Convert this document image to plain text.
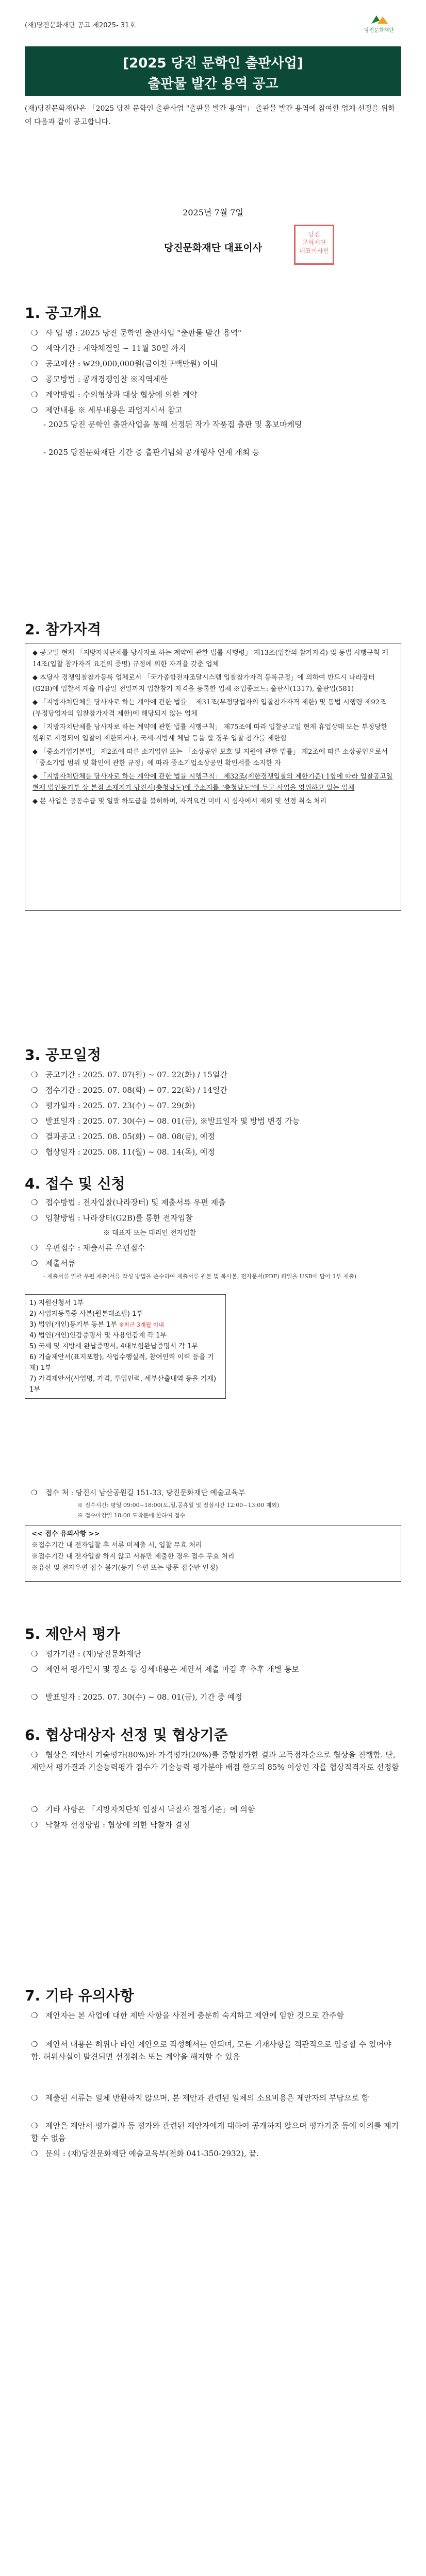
(재)당진문화재단 공고 제2025- 31호
당진문화재단
[2025 당진 문학인 출판사업]
출판물 발간 용역 공고

(재)당진문화재단은 「2025 당진 문학인 출판사업 "출판물 발간 용역"」 출판물 발간 용역에 참여할 업체 선정을 위하여 다음과 같이 공고합니다.

2025년 7월 7일
당진문화재단 대표이사
당진
문화재단
대표이사인
1. 공고개요
❍ 사 업 명 : 2025 당진 문학인 출판사업 "출판물 발간 용역"
❍ 계약기간 : 계약체결일 ~ 11월 30일 까지
❍ 공고예산 : ₩29,000,000원(금이천구백만원) 이내
❍ 공모방법 : 공개경쟁입찰 ※지역제한
❍ 계약방법 : 수의형상과 대상 협상에 의한 계약
❍ 제안내용 ※ 세부내용은 과업지시서 참고
- 2025 당진 문학인 출판사업을 통해 선정된 작가 작품집 출판 및 홍보마케팅
- 2025 당진문화재단 기간 중 출판기념회 공개행사 연계 개최 등
2. 참가자격

◆ 공고일 현재 「지방자치단체를 당사자로 하는 계약에 관한 법률 시행령」 제13조(입찰의 참가자격) 및 동법 시행규칙 제14조(입찰 참가자격 요건의 증명) 규정에 의한 자격을 갖춘 업체

◆ 本당사 경쟁입찰참가등록 업체로서 「국가종합전자조달시스템 입찰참가자격 등록규정」에 의하여 반드시 나라장터(G2B)에 입찰서 제출 마감일 전일까지 입찰참가 자격을 등록한 업체 ※업종코드: 출판사(1317), 출판업(581)

◆ 「지방자치단체를 당사자로 하는 계약에 관한 법률」 제31조(부정당업자의 입찰참가자격 제한) 및 동법 시행령 제92조(부정당업자의 입찰참가자격 제한)에 해당되지 않는 업체

◆ 「지방자치단체를 당사자로 하는 계약에 관한 법률 시행규칙」 제75조에 따라 입찰공고일 현재 휴업상태 또는 부정당한 행위로 지정되어 입찰이 제한되거나, 국세·지방세 체납 등을 할 경우 입찰 참가를 제한함

◆ 「중소기업기본법」 제2조에 따른 소기업인 또는 「소상공인 보호 및 지원에 관한 법률」 제2조에 따른 소상공인으로서 「중소기업 범위 및 확인에 관한 규정」에 따라 중소기업소상공인 확인서를 소지한 자

◆ 「지방자치단체를 당사자로 하는 계약에 관한 법률 시행규칙」 제32조(제한경쟁입찰의 제한기준) 1항에 따라 입찰공고일 현재 법인등기부 상 본점 소재지가 당진시(충청남도)에 주소지를 "충청남도"에 두고 사업을 영위하고 있는 업체

◆ 본 사업은 공동수급 및 일괄 하도급을 불허하며, 자격요건 미비 시 심사에서 제외 및 선정 취소 처리

3. 공모일정
❍ 공고기간 : 2025. 07. 07(월) ~ 07. 22(화) / 15일간
❍ 접수기간 : 2025. 07. 08(화) ~ 07. 22(화) / 14일간
❍ 평가일자 : 2025. 07. 23(수) ~ 07. 29(화)
❍ 발표일자 : 2025. 07. 30(수) ~ 08. 01(금), ※발표일자 및 방법 변경 가능
❍ 결과공고 : 2025. 08. 05(화) ~ 08. 08(금), 예정
❍ 협상일자 : 2025. 08. 11(월) ~ 08. 14(목), 예정
4. 접수 및 신청
❍ 접수방법 : 전자입찰(나라장터) 및 제출서류 우편 제출
❍ 입찰방법 : 나라장터(G2B)를 통한 전자입찰
※ 대표자 또는 대리인 전자입찰
❍ 우편접수 : 제출서류 우편접수
❍ 제출서류
- 제출서류 일괄 우편 제출(서류 작성 방법을 준수하여 제출서류 원본 및 복사본, 전자문서(PDF) 파일을 USB에 담아 1부 제출)

1) 지원신청서 1부

2) 사업자등록증 사본(원본대조필) 1부

3) 법인(개인)등기부 등본 1부 ※최근 3개월 이내

4) 법인(개인)인감증명서 및 사용인감계 각 1부

5) 국세 및 지방세 완납증명서, 4대보험완납증명서 각 1부

6) 기술제안서(표지포함), 사업수행실적, 참여인력 이력 등을 기재) 1부

7) 가격제안서(사업명, 가격, 투입인력, 세부산출내역 등을 기재) 1부

❍ 접수 처 : 당진시 남산공원길 151-33, 당진문화재단 예술교육부
※ 접수시간: 평일 09:00~18:00(토,일,공휴일 및 점심시간 12:00~13:00 제외)
※ 접수마감일 18:00 도착분에 한하여 접수

<< 접수 유의사항 >>

※접수기간 내 전자입찰 후 서류 미제출 시, 입찰 무효 처리

※접수기간 내 전자입찰 하지 않고 서류만 제출한 경우 접수 무효 처리

※유선 및 전자우편 접수 불가(등기 우편 또는 방문 접수만 인정)

5. 제안서 평가
❍ 평가기관 : (재)당진문화재단
❍ 제안서 평가일시 및 장소 등 상세내용은 제안서 제출 마감 후 추후 개별 통보
❍ 발표일자 : 2025. 07. 30(수) ~ 08. 01(금), 기간 중 예정
6. 협상대상자 선정 및 협상기준
❍ 협상은 제안서 기술평가(80%)와 가격평가(20%)를 종합평가한 결과 고득점자순으로 협상을 진행함. 단, 제안서 평가결과 기술능력평가 점수가 기술능력 평가분야 배점 한도의 85% 이상인 자를 협상적격자로 선정함
❍ 기타 사항은 「지방자치단체 입찰시 낙찰자 결정기준」에 의함
❍ 낙찰자 선정방법 : 협상에 의한 낙찰자 결정
7. 기타 유의사항
❍ 제안자는 본 사업에 대한 제반 사항을 사전에 충분히 숙지하고 제안에 임한 것으로 간주함
❍ 제안서 내용은 허위나 타인 제안으로 작성해서는 안되며, 모든 기재사항을 객관적으로 입증할 수 있어야 함. 허위사실이 발견되면 선정취소 또는 계약을 해지할 수 있음
❍ 제출된 서류는 일체 반환하지 않으며, 본 제안과 관련된 일체의 소요비용은 제안자의 부담으로 함
❍ 제안은 제안서 평가결과 등 평가와 관련된 제안자에게 대하여 공개하지 않으며 평가기준 등에 이의를 제기할 수 없음
❍ 문의 : (재)당진문화재단 예술교육부(전화 041-350-2932), 끝.
